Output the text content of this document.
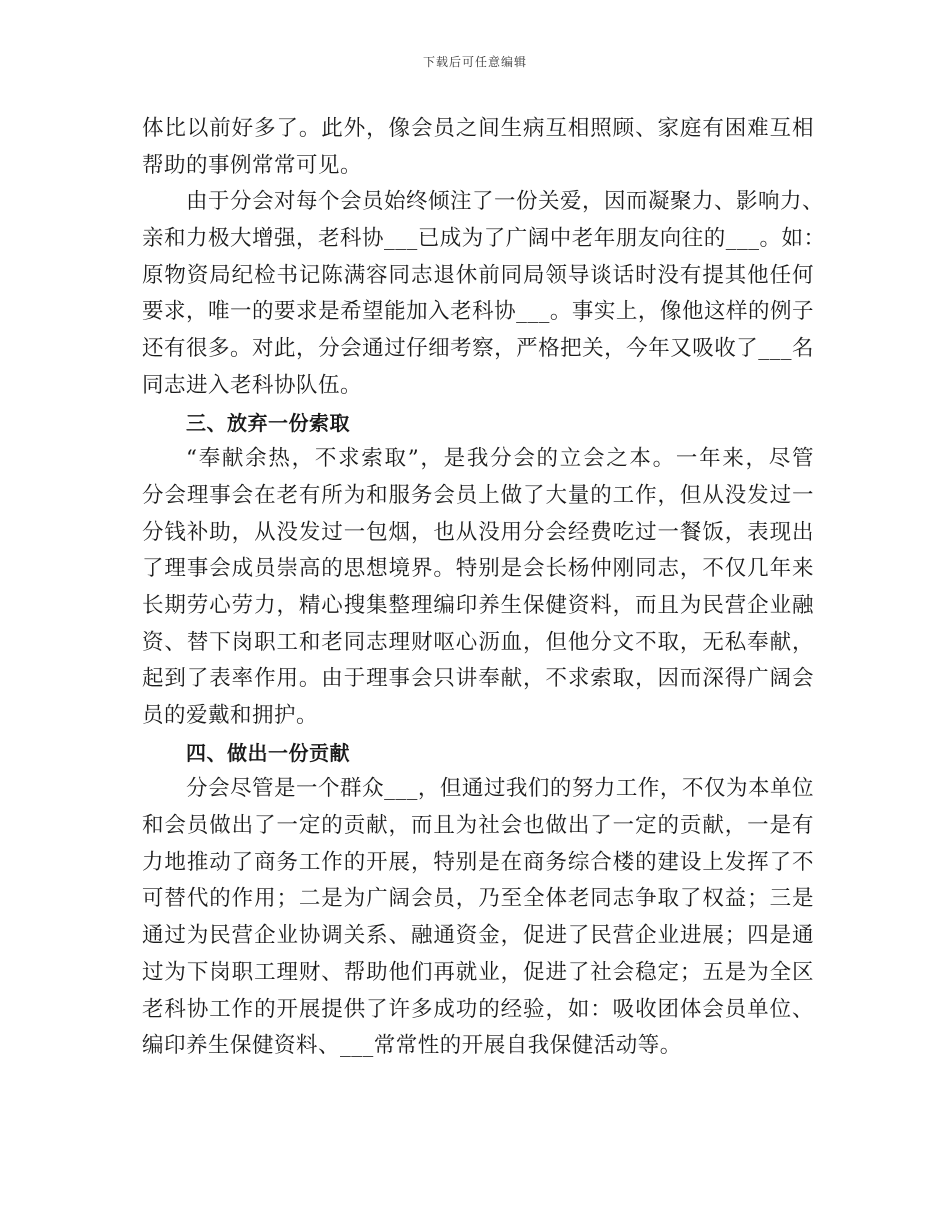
下载后可任意编辑
体比以前好多了。此外，像会员之间生病互相照顾、家庭有困难互相
帮助的事例常常可见。
由于分会对每个会员始终倾注了一份关爱，因而凝聚力、影响力、
亲和力极大增强，老科协___已成为了广阔中老年朋友向往的___。如：
原物资局纪检书记陈满容同志退休前同局领导谈话时没有提其他任何
要求，唯一的要求是希望能加入老科协___。事实上，像他这样的例子
还有很多。对此，分会通过仔细考察，严格把关，今年又吸收了___名
同志进入老科协队伍。
三、放弃一份索取
“奉献余热，不求索取”，是我分会的立会之本。一年来，尽管
分会理事会在老有所为和服务会员上做了大量的工作，但从没发过一
分钱补助，从没发过一包烟，也从没用分会经费吃过一餐饭，表现出
了理事会成员崇高的思想境界。特别是会长杨仲刚同志，不仅几年来
长期劳心劳力，精心搜集整理编印养生保健资料，而且为民营企业融
资、替下岗职工和老同志理财呕心沥血，但他分文不取，无私奉献，
起到了表率作用。由于理事会只讲奉献，不求索取，因而深得广阔会
员的爱戴和拥护。
四、做出一份贡献
分会尽管是一个群众___，但通过我们的努力工作，不仅为本单位
和会员做出了一定的贡献，而且为社会也做出了一定的贡献，一是有
力地推动了商务工作的开展，特别是在商务综合楼的建设上发挥了不
可替代的作用；二是为广阔会员，乃至全体老同志争取了权益；三是
通过为民营企业协调关系、融通资金，促进了民营企业进展；四是通
过为下岗职工理财、帮助他们再就业，促进了社会稳定；五是为全区
老科协工作的开展提供了许多成功的经验，如：吸收团体会员单位、
编印养生保健资料、___常常性的开展自我保健活动等。
